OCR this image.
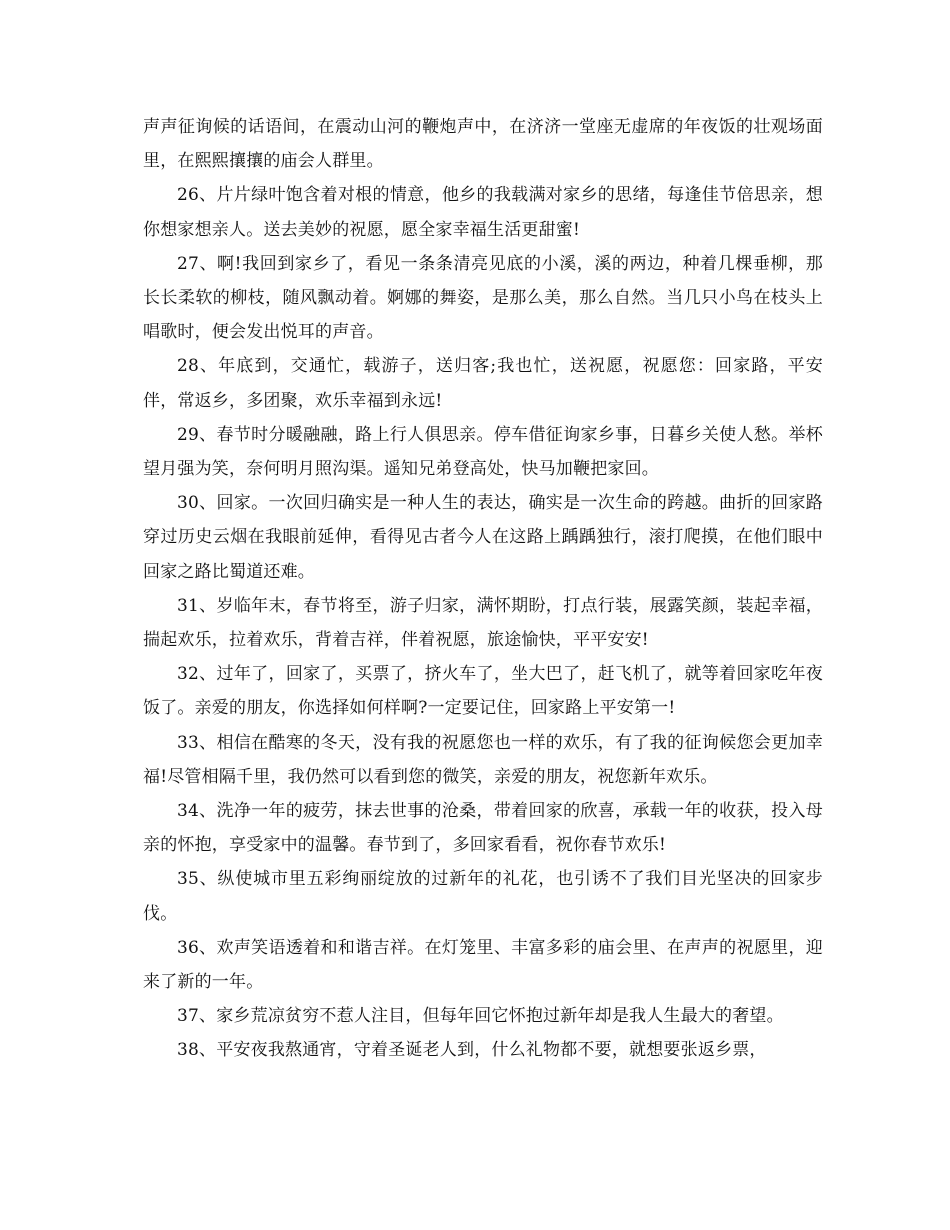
声声征询候的话语间，在震动山河的鞭炮声中，在济济一堂座无虚席的年夜饭的壮观场面里，在熙熙攘攘的庙会人群里。

26、片片绿叶饱含着对根的情意，他乡的我载满对家乡的思绪，每逢佳节倍思亲，想你想家想亲人。送去美妙的祝愿，愿全家幸福生活更甜蜜!

27、啊!我回到家乡了，看见一条条清亮见底的小溪，溪的两边，种着几棵垂柳，那长长柔软的柳枝，随风飘动着。婀娜的舞姿，是那么美，那么自然。当几只小鸟在枝头上唱歌时，便会发出悦耳的声音。

28、年底到，交通忙，载游子，送归客;我也忙，送祝愿，祝愿您：回家路，平安伴，常返乡，多团聚，欢乐幸福到永远!

29、春节时分暖融融，路上行人俱思亲。停车借征询家乡事，日暮乡关使人愁。举杯望月强为笑，奈何明月照沟渠。遥知兄弟登高处，快马加鞭把家回。

30、回家。一次回归确实是一种人生的表达，确实是一次生命的跨越。曲折的回家路穿过历史云烟在我眼前延伸，看得见古者今人在这路上踽踽独行，滚打爬摸，在他们眼中回家之路比蜀道还难。

31、岁临年末，春节将至，游子归家，满怀期盼，打点行装，展露笑颜，装起幸福，揣起欢乐，拉着欢乐，背着吉祥，伴着祝愿，旅途愉快，平平安安!

32、过年了，回家了，买票了，挤火车了，坐大巴了，赶飞机了，就等着回家吃年夜饭了。亲爱的朋友，你选择如何样啊?一定要记住，回家路上平安第一!

33、相信在酷寒的冬天，没有我的祝愿您也一样的欢乐，有了我的征询候您会更加幸福!尽管相隔千里，我仍然可以看到您的微笑，亲爱的朋友，祝您新年欢乐。

34、洗净一年的疲劳，抹去世事的沧桑，带着回家的欣喜，承载一年的收获，投入母亲的怀抱，享受家中的温馨。春节到了，多回家看看，祝你春节欢乐!

35、纵使城市里五彩绚丽绽放的过新年的礼花，也引诱不了我们目光坚决的回家步伐。

36、欢声笑语透着和和谐吉祥。在灯笼里、丰富多彩的庙会里、在声声的祝愿里，迎来了新的一年。

37、家乡荒凉贫穷不惹人注目，但每年回它怀抱过新年却是我人生最大的奢望。

38、平安夜我熬通宵，守着圣诞老人到，什么礼物都不要，就想要张返乡票，
